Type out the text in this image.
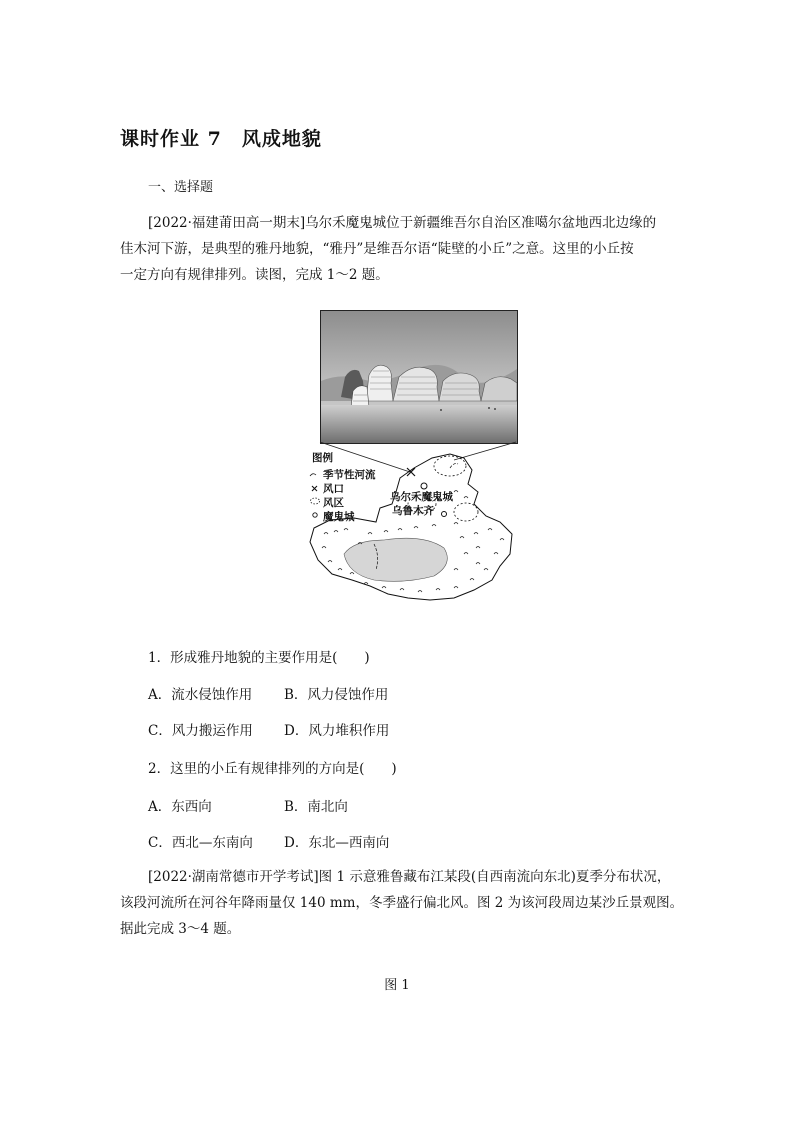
课时作业 7　风成地貌
一、选择题
[2022·福建莆田高一期末]乌尔禾魔鬼城位于新疆维吾尔自治区准噶尔盆地西北边缘的
佳木河下游，是典型的雅丹地貌，“雅丹”是维吾尔语“陡壁的小丘”之意。这里的小丘按
一定方向有规律排列。读图，完成 1～2 题。
图例
季节性河流
风口
风区
魔鬼城
乌尔禾魔鬼城
乌鲁木齐
1．形成雅丹地貌的主要作用是(　　)
A．流水侵蚀作用 B．风力侵蚀作用
C．风力搬运作用 D．风力堆积作用
2．这里的小丘有规律排列的方向是(　　)
A．东西向	B．南北向
C．西北—东南向 D．东北—西南向
[2022·湖南常德市开学考试]图 1 示意雅鲁藏布江某段(自西南流向东北)夏季分布状况，
该段河流所在河谷年降雨量仅 140 mm，冬季盛行偏北风。图 2 为该河段周边某沙丘景观图。
据此完成 3～4 题。
图 1
